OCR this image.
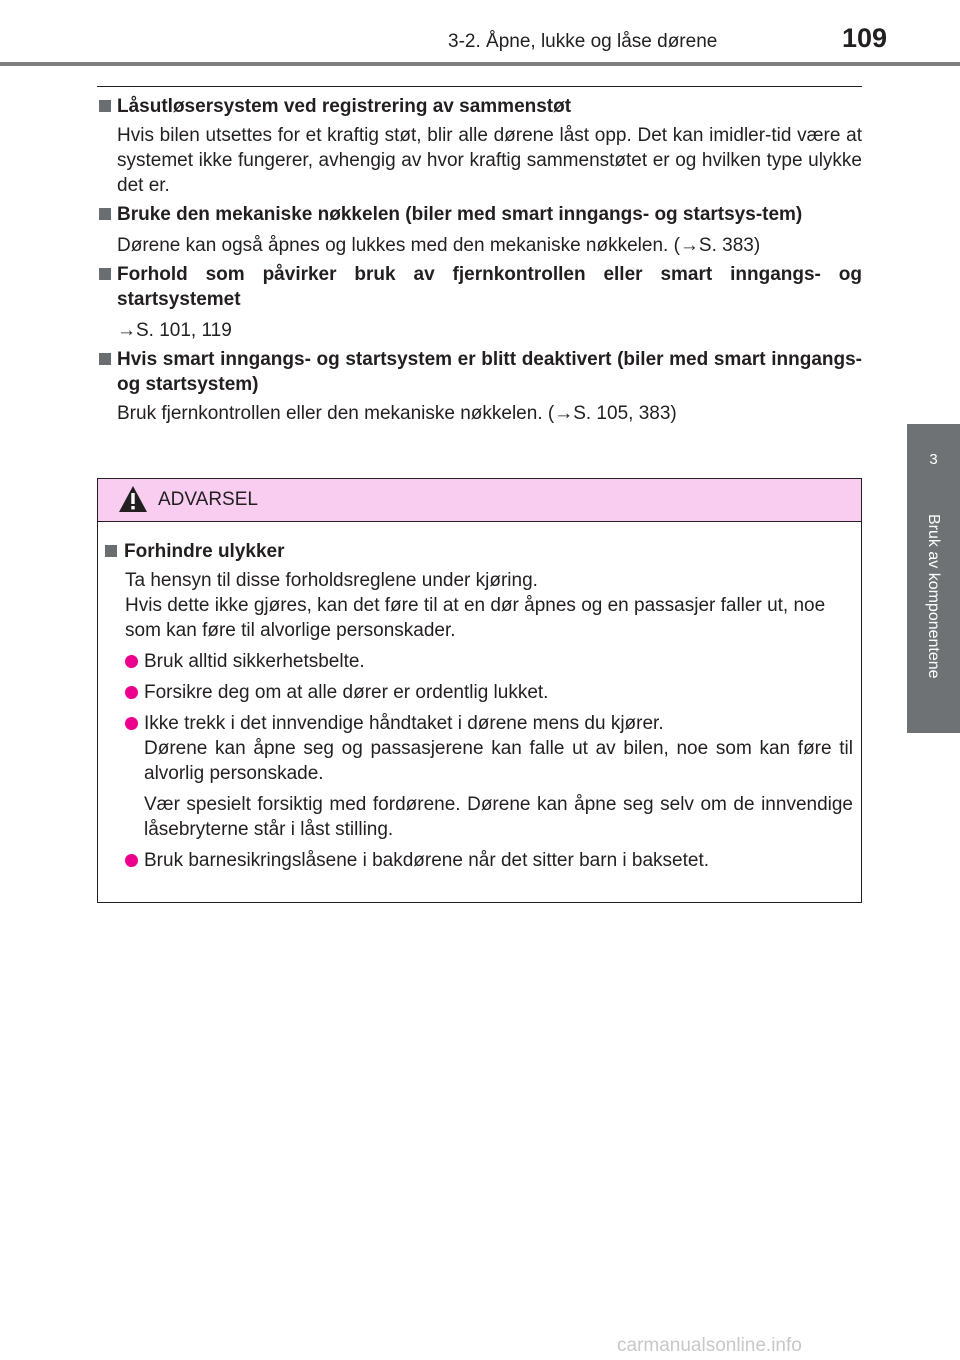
3-2. Åpne, lukke og låse dørene	109
3
Bruk av komponentene
Låsutløsersystem ved registrering av sammenstøt
Hvis bilen utsettes for et kraftig støt, blir alle dørene låst opp. Det kan imidler-tid være at systemet ikke fungerer, avhengig av hvor kraftig sammenstøtet er og hvilken type ulykke det er.
Bruke den mekaniske nøkkelen (biler med smart inngangs- og startsys-tem)
Dørene kan også åpnes og lukkes med den mekaniske nøkkelen. (→S. 383)
Forhold som påvirker bruk av fjernkontrollen eller smart inngangs- og startsystemet
→S. 101, 119
Hvis smart inngangs- og startsystem er blitt deaktivert (biler med smart inngangs- og startsystem)
Bruk fjernkontrollen eller den mekaniske nøkkelen. (→S. 105, 383)
ADVARSEL
Forhindre ulykker
Ta hensyn til disse forholdsreglene under kjøring.
Hvis dette ikke gjøres, kan det føre til at en dør åpnes og en passasjer faller ut, noe som kan føre til alvorlige personskader.
Bruk alltid sikkerhetsbelte.
Forsikre deg om at alle dører er ordentlig lukket.
Ikke trekk i det innvendige håndtaket i dørene mens du kjører.
Dørene kan åpne seg og passasjerene kan falle ut av bilen, noe som kan føre til alvorlig personskade.
Vær spesielt forsiktig med fordørene. Dørene kan åpne seg selv om de innvendige låsebryterne står i låst stilling.
Bruk barnesikringslåsene i bakdørene når det sitter barn i baksetet.
carmanualsonline.info
